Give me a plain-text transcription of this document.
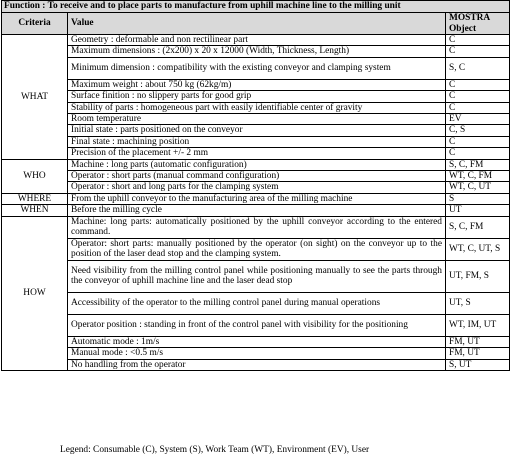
Function : To receive and to place parts to manufacture from uphill machine line to the milling unit		
Criteria	Value	MOSTRA Object
WHAT	Geometry : deformable and non rectilinear part	C
	Maximum dimensions : (2x200) x 20 x 12000 (Width, Thickness, Length)	C
	Minimum dimension : compatibility with the existing conveyor and clamping system	S, C
	Maximum weight : about 750 kg (62kg/m)	C
	Surface finition : no slippery parts for good grip	C
	Stability of parts : homogeneous part with easily identifiable center of gravity	C
	Room temperature	EV
	Initial state : parts positioned on the conveyor	C, S
	Final state : machining position	C
	Precision of the placement +/- 2 mm	C
WHO	Machine : long parts (automatic configuration)	S, C, FM
	Operator : short parts (manual command configuration)	WT, C, FM
	Operator : short and long parts for the clamping system	WT, C, UT
WHERE	From the uphill conveyor to the manufacturing area of the milling machine	S
WHEN	Before the milling cycle	UT
HOW	Machine: long parts: automatically positioned by the uphill conveyor according to the entered command.	S, C, FM
	Operator: short parts: manually positioned by the operator (on sight) on the conveyor up to the position of the laser dead stop and the clamping system.	WT, C, UT, S
	Need visibility from the milling control panel while positioning manually to see the parts through the conveyor of uphill machine line and the laser dead stop	UT, FM, S
	Accessibility of the operator to the milling control panel during manual operations	UT, S
	Operator position : standing in front of the control panel with visibility for the positioning	WT, IM, UT
	Automatic mode : 1m/s	FM, UT
	Manual mode : <0.5 m/s	FM, UT
	No handling from the operator	S, UT
Legend: Consumable (C), System (S), Work Team (WT), Environment (EV), User
